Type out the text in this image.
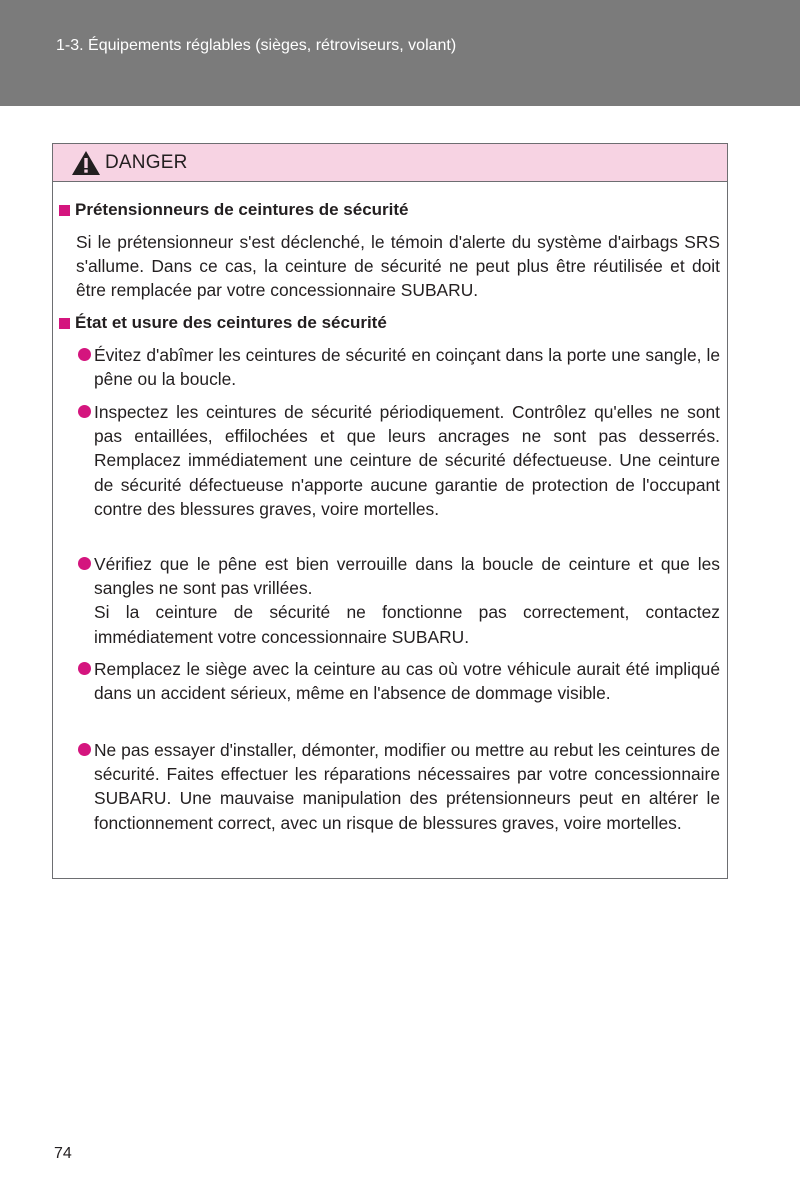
1-3. Équipements réglables (sièges, rétroviseurs, volant)
DANGER
Prétensionneurs de ceintures de sécurité

Si le prétensionneur s'est déclenché, le témoin d'alerte du système d'airbags SRS s'allume. Dans ce cas, la ceinture de sécurité ne peut plus être réutilisée et doit être remplacée par votre concessionnaire SUBARU.

État et usure des ceintures de sécurité
Évitez d'abîmer les ceintures de sécurité en coinçant dans la porte une sangle, le pêne ou la boucle.
Inspectez les ceintures de sécurité périodiquement. Contrôlez qu'elles ne sont pas entaillées, effilochées et que leurs ancrages ne sont pas desserrés. Remplacez immédiatement une ceinture de sécurité défectueuse. Une ceinture de sécurité défectueuse n'apporte aucune garantie de protection de l'occupant contre des blessures graves, voire mortelles.

Vérifiez que le pêne est bien verrouille dans la boucle de ceinture et que les sangles ne sont pas vrillées.

Si la ceinture de sécurité ne fonctionne pas correctement, contactez immédiatement votre concessionnaire SUBARU.

Remplacez le siège avec la ceinture au cas où votre véhicule aurait été impliqué dans un accident sérieux, même en l'absence de dommage visible.
Ne pas essayer d'installer, démonter, modifier ou mettre au rebut les ceintures de sécurité. Faites effectuer les réparations nécessaires par votre concessionnaire SUBARU. Une mauvaise manipulation des prétensionneurs peut en altérer le fonctionnement correct, avec un risque de blessures graves, voire mortelles.
74
